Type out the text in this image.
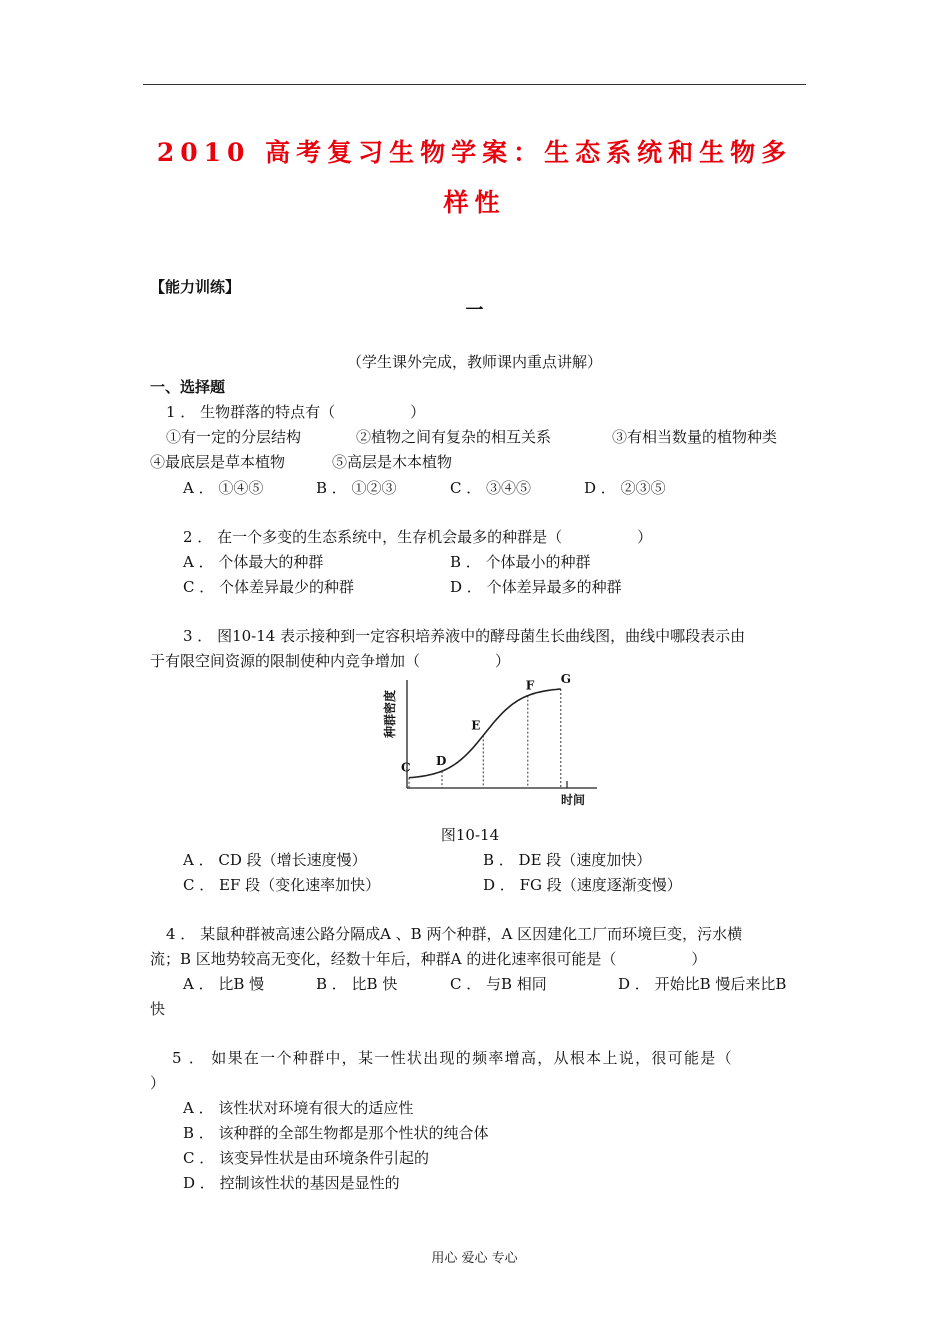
2010 高考复习生物学案：生态系统和生物多
样性
【能力训练】
一
（学生课外完成，教师课内重点讲解）
一、选择题
1 ． 生物群落的特点有（　　　　　）
①有一定的分层结构	②植物之间有复杂的相互关系	③有相当数量的植物种类
④最底层是草本植物	⑤高层是木本植物
A ． ①④⑤	B ． ①②③	C ． ③④⑤	D ． ②③⑤
2 ． 在一个多变的生态系统中，生存机会最多的种群是（　　　　　）
A ． 个体最大的种群	B ． 个体最小的种群
C ． 个体差异最少的种群	D ． 个体差异最多的种群
3 ． 图10-14 表示接种到一定容积培养液中的酵母菌生长曲线图，曲线中哪段表示由
于有限空间资源的限制使种内竞争增加（　　　　　）
C D
E
F G
种群密度
时间
图10-14
A ． CD 段（增长速度慢）	B ． DE 段（速度加快）
C ． EF 段（变化速率加快）	D ． FG 段（速度逐渐变慢）
4 ． 某鼠种群被高速公路分隔成A 、B 两个种群，A 区因建化工厂而环境巨变，污水横
流；B 区地势较高无变化，经数十年后，种群A 的进化速率很可能是（　　　　　）
A ． 比B 慢	B ． 比B 快	C ． 与B 相同	D ． 开始比B 慢后来比B
快
5 ． 如果在一个种群中，某一性状出现的频率增高，从根本上说，很可能是（
）
A ． 该性状对环境有很大的适应性
B ． 该种群的全部生物都是那个性状的纯合体
C ． 该变异性状是由环境条件引起的
D ． 控制该性状的基因是显性的
用心 爱心 专心
